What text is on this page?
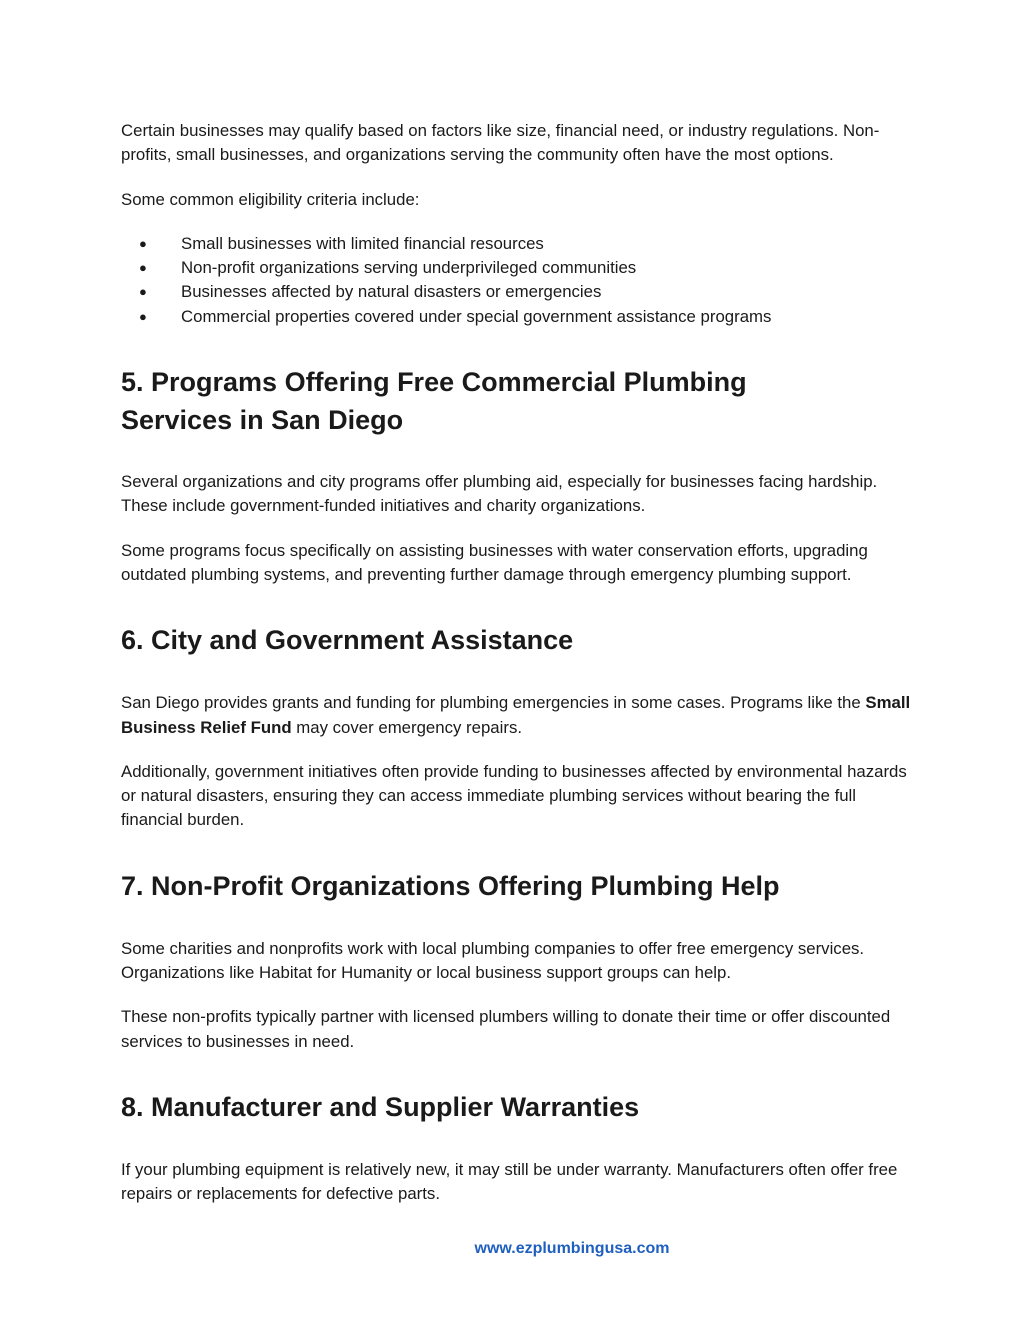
Certain businesses may qualify based on factors like size, financial need, or industry regulations. Non-profits, small businesses, and organizations serving the community often have the most options.

Some common eligibility criteria include:

● Small businesses with limited financial resources
● Non-profit organizations serving underprivileged communities
● Businesses affected by natural disasters or emergencies
● Commercial properties covered under special government assistance programs
5. Programs Offering Free Commercial Plumbing Services in San Diego

Several organizations and city programs offer plumbing aid, especially for businesses facing hardship. These include government-funded initiatives and charity organizations.

Some programs focus specifically on assisting businesses with water conservation efforts, upgrading outdated plumbing systems, and preventing further damage through emergency plumbing support.

6. City and Government Assistance

San Diego provides grants and funding for plumbing emergencies in some cases. Programs like the Small Business Relief Fund may cover emergency repairs.

Additionally, government initiatives often provide funding to businesses affected by environmental hazards or natural disasters, ensuring they can access immediate plumbing services without bearing the full financial burden.

7. Non-Profit Organizations Offering Plumbing Help

Some charities and nonprofits work with local plumbing companies to offer free emergency services. Organizations like Habitat for Humanity or local business support groups can help.

These non-profits typically partner with licensed plumbers willing to donate their time or offer discounted services to businesses in need.

8. Manufacturer and Supplier Warranties

If your plumbing equipment is relatively new, it may still be under warranty. Manufacturers often offer free repairs or replacements for defective parts.

www.ezplumbingusa.com
